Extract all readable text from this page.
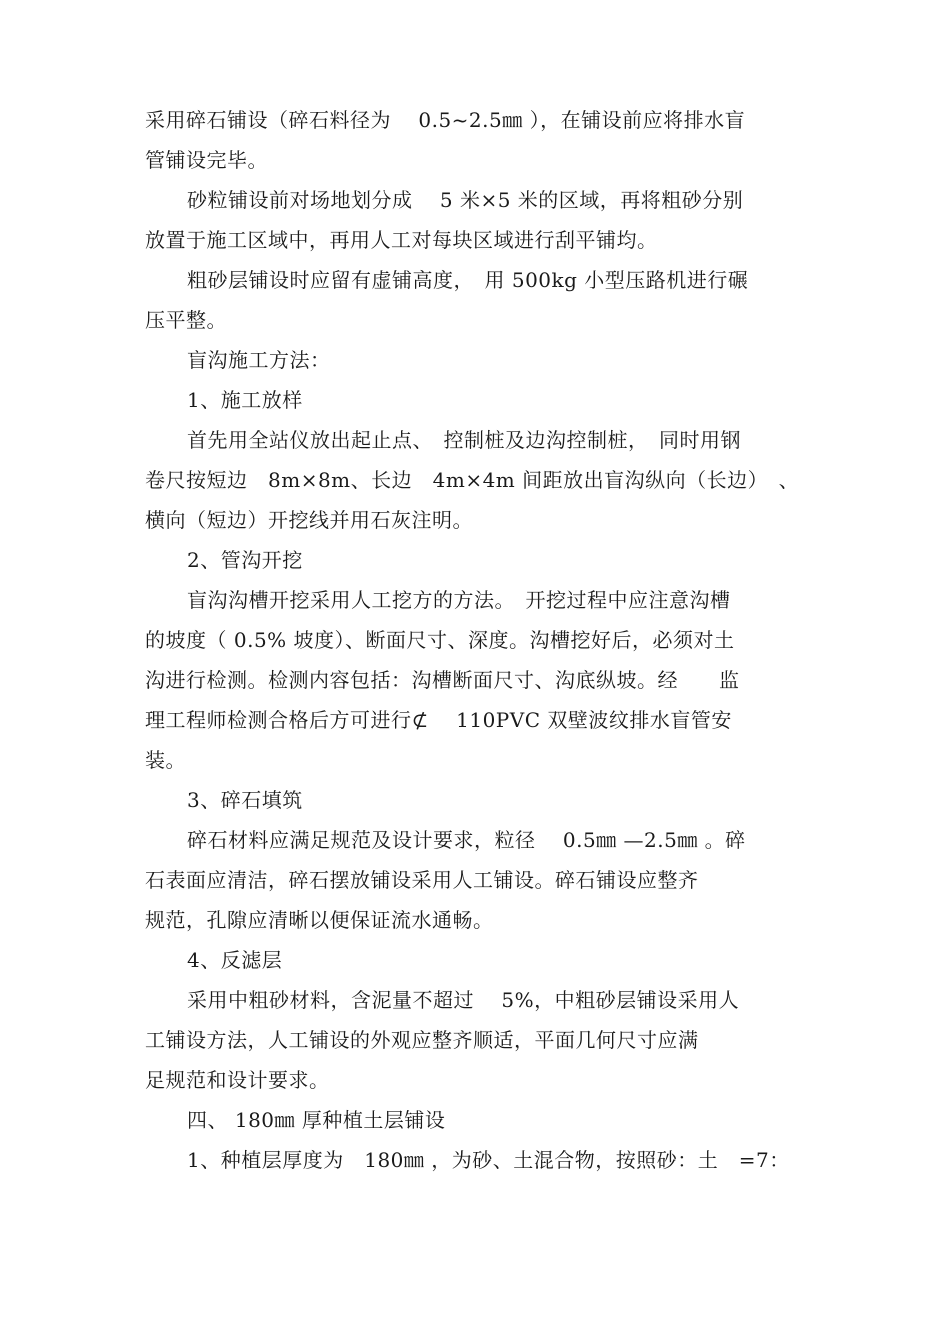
采用碎石铺设（碎石料径为　 0.5~2.5㎜ ），在铺设前应将排水盲
管铺设完毕。
砂粒铺设前对场地划分成　 5 米×5 米的区域，再将粗砂分别
放置于施工区域中，再用人工对每块区域进行刮平铺均。
粗砂层铺设时应留有虚铺高度，　用 500kg 小型压路机进行碾
压平整。
盲沟施工方法：
1、施工放样
首先用全站仪放出起止点、　控制桩及边沟控制桩，　同时用钢
卷尺按短边　8m×8m、长边　4m×4m 间距放出盲沟纵向（长边）　、
横向（短边）开挖线并用石灰注明。
2、管沟开挖
盲沟沟槽开挖采用人工挖方的方法。　开挖过程中应注意沟槽
的坡度（ 0.5% 坡度）、断面尺寸、深度。沟槽挖好后，必须对土
沟进行检测。检测内容包括：沟槽断面尺寸、沟底纵坡。经　　监
理工程师检测合格后方可进行⊄　 110PVC 双壁波纹排水盲管安
装。
3、碎石填筑
碎石材料应满足规范及设计要求，粒径　 0.5㎜ —2.5㎜ 。碎
石表面应清洁，碎石摆放铺设采用人工铺设。碎石铺设应整齐
规范，孔隙应清晰以便保证流水通畅。
4、反滤层
采用中粗砂材料，含泥量不超过　 5%，中粗砂层铺设采用人
工铺设方法，人工铺设的外观应整齐顺适，平面几何尺寸应满
足规范和设计要求。
四、 180㎜ 厚种植土层铺设
1、种植层厚度为　180㎜ ，为砂、土混合物，按照砂：土　=7：
